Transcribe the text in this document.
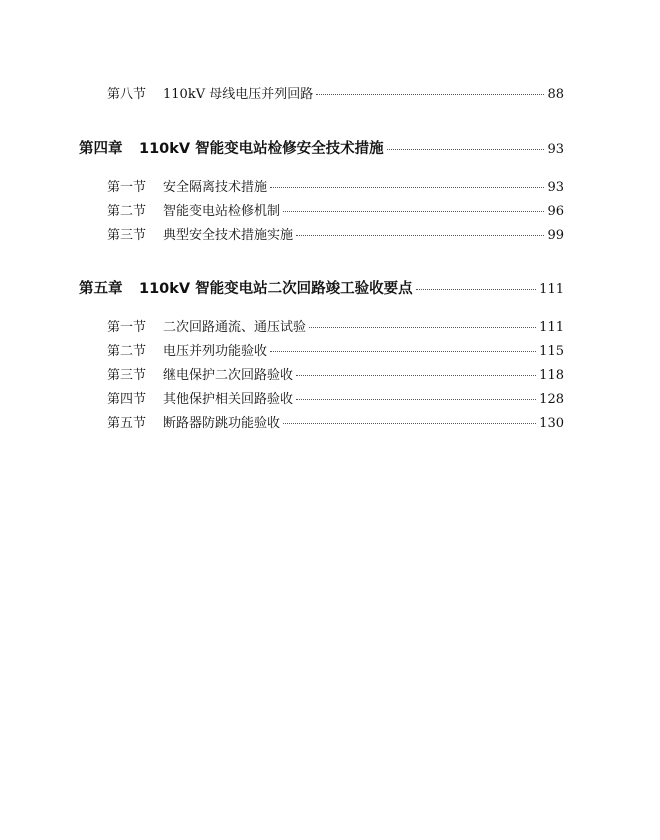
第八节	110kV 母线电压并列回路	88
第四章	110kV 智能变电站检修安全技术措施	93
第一节	安全隔离技术措施	93
第二节	智能变电站检修机制	96
第三节	典型安全技术措施实施	99
第五章	110kV 智能变电站二次回路竣工验收要点	111
第一节	二次回路通流、通压试验	111
第二节	电压并列功能验收	115
第三节	继电保护二次回路验收	118
第四节	其他保护相关回路验收	128
第五节	断路器防跳功能验收	130
